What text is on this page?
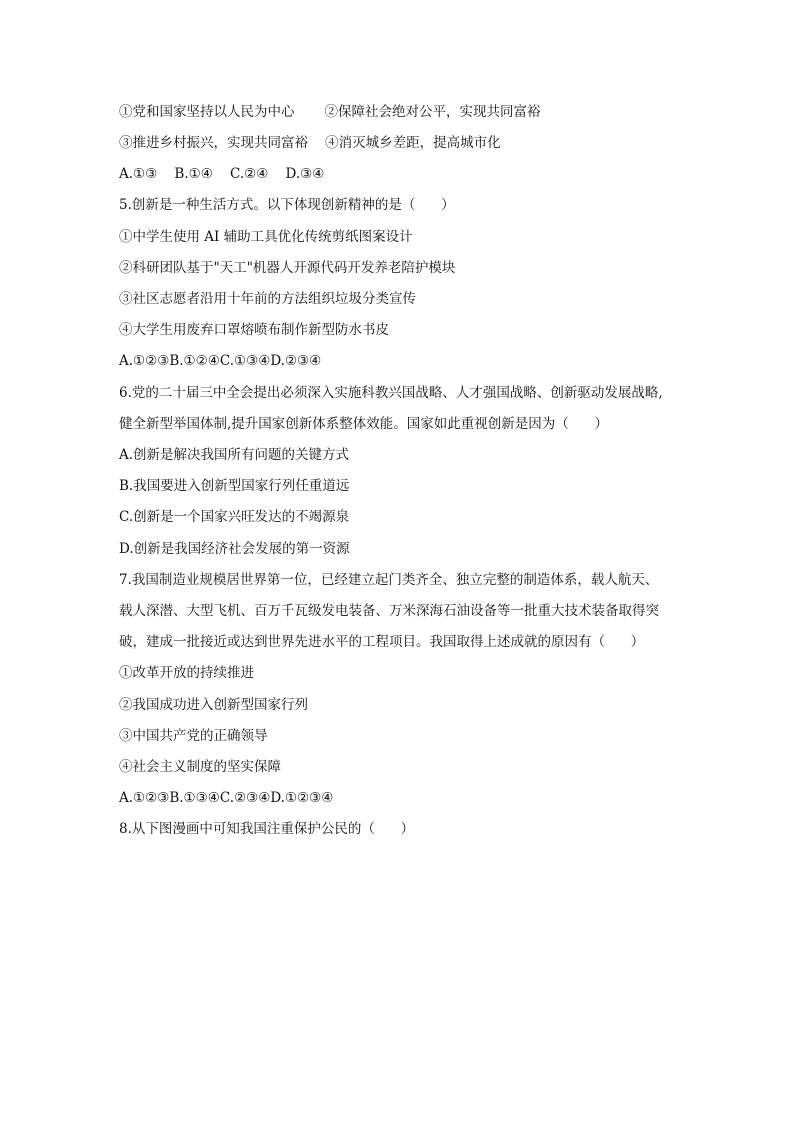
①党和国家坚持以人民为中心       ②保障社会绝对公平，实现共同富裕
③推进乡村振兴，实现共同富裕    ④消灭城乡差距，提高城市化
A.①③    B.①④    C.②④    D.③④
5.创新是一种生活方式。以下体现创新精神的是（      ）
①中学生使用 AI 辅助工具优化传统剪纸图案设计
②科研团队基于"天工"机器人开源代码开发养老陪护模块
③社区志愿者沿用十年前的方法组织垃圾分类宣传
④大学生用废弃口罩熔喷布制作新型防水书皮
A.①②③B.①②④C.①③④D.②③④
6.党的二十届三中全会提出必须深入实施科教兴国战略、人才强国战略、创新驱动发展战略,
健全新型举国体制,提升国家创新体系整体效能。国家如此重视创新是因为（      ）
A.创新是解决我国所有问题的关键方式
B.我国要进入创新型国家行列任重道远
C.创新是一个国家兴旺发达的不竭源泉
D.创新是我国经济社会发展的第一资源
7.我国制造业规模居世界第一位，已经建立起门类齐全、独立完整的制造体系，载人航天、
载人深潜、大型飞机、百万千瓦级发电装备、万米深海石油设备等一批重大技术装备取得突
破，建成一批接近或达到世界先进水平的工程项目。我国取得上述成就的原因有（      ）
①改革开放的持续推进
②我国成功进入创新型国家行列
③中国共产党的正确领导
④社会主义制度的坚实保障
A.①②③B.①③④C.②③④D.①②③④
8.从下图漫画中可知我国注重保护公民的（      ）
